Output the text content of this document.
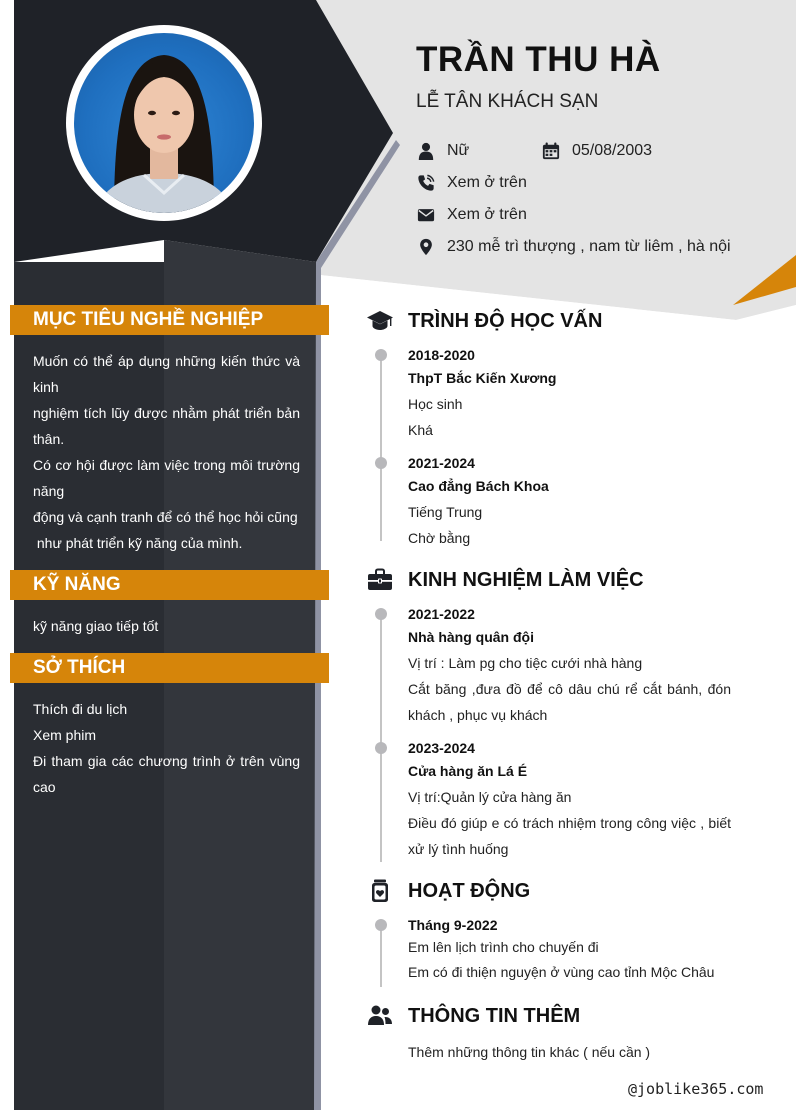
TRẦN THU HÀ
LỄ TÂN KHÁCH SẠN
Nữ	05/08/2003
Xem ở trên
Xem ở trên
230 mễ trì thượng , nam từ liêm , hà nội
MỤC TIÊU NGHỀ NGHIỆP

Muốn có thể áp dụng những kiến thức và kinh

nghiệm tích lũy được nhằm phát triển bản thân.

Có cơ hội được làm việc trong môi trường năng

động và cạnh tranh để có thể học hỏi cũng

như phát triển kỹ năng của mình.

KỸ NĂNG

kỹ năng giao tiếp tốt

SỞ THÍCH

Thích đi du lịch

Xem phim

Đi tham gia các chương trình ở trên vùng cao

TRÌNH ĐỘ HỌC VẤN
2018-2020
ThpT Bắc Kiến Xương
Học sinh
Khá
2021-2024
Cao đẳng Bách Khoa
Tiếng Trung
Chờ bằng
KINH NGHIỆM LÀM VIỆC
2021-2022
Nhà hàng quân đội
Vị trí : Làm pg cho tiệc cưới nhà hàng
Cắt băng ,đưa đồ để cô dâu chú rể cắt bánh, đón khách , phục vụ khách
2023-2024
Cửa hàng ăn Lá É
Vị trí:Quản lý cửa hàng ăn
Điều đó giúp e có trách nhiệm trong công việc , biết xử lý tình huống
HOẠT ĐỘNG
Tháng 9-2022
Em lên lịch trình cho chuyến đi
Em có đi thiện nguyện ở vùng cao tỉnh Mộc Châu
THÔNG TIN THÊM
Thêm những thông tin khác ( nếu cần )
@joblike365.com
